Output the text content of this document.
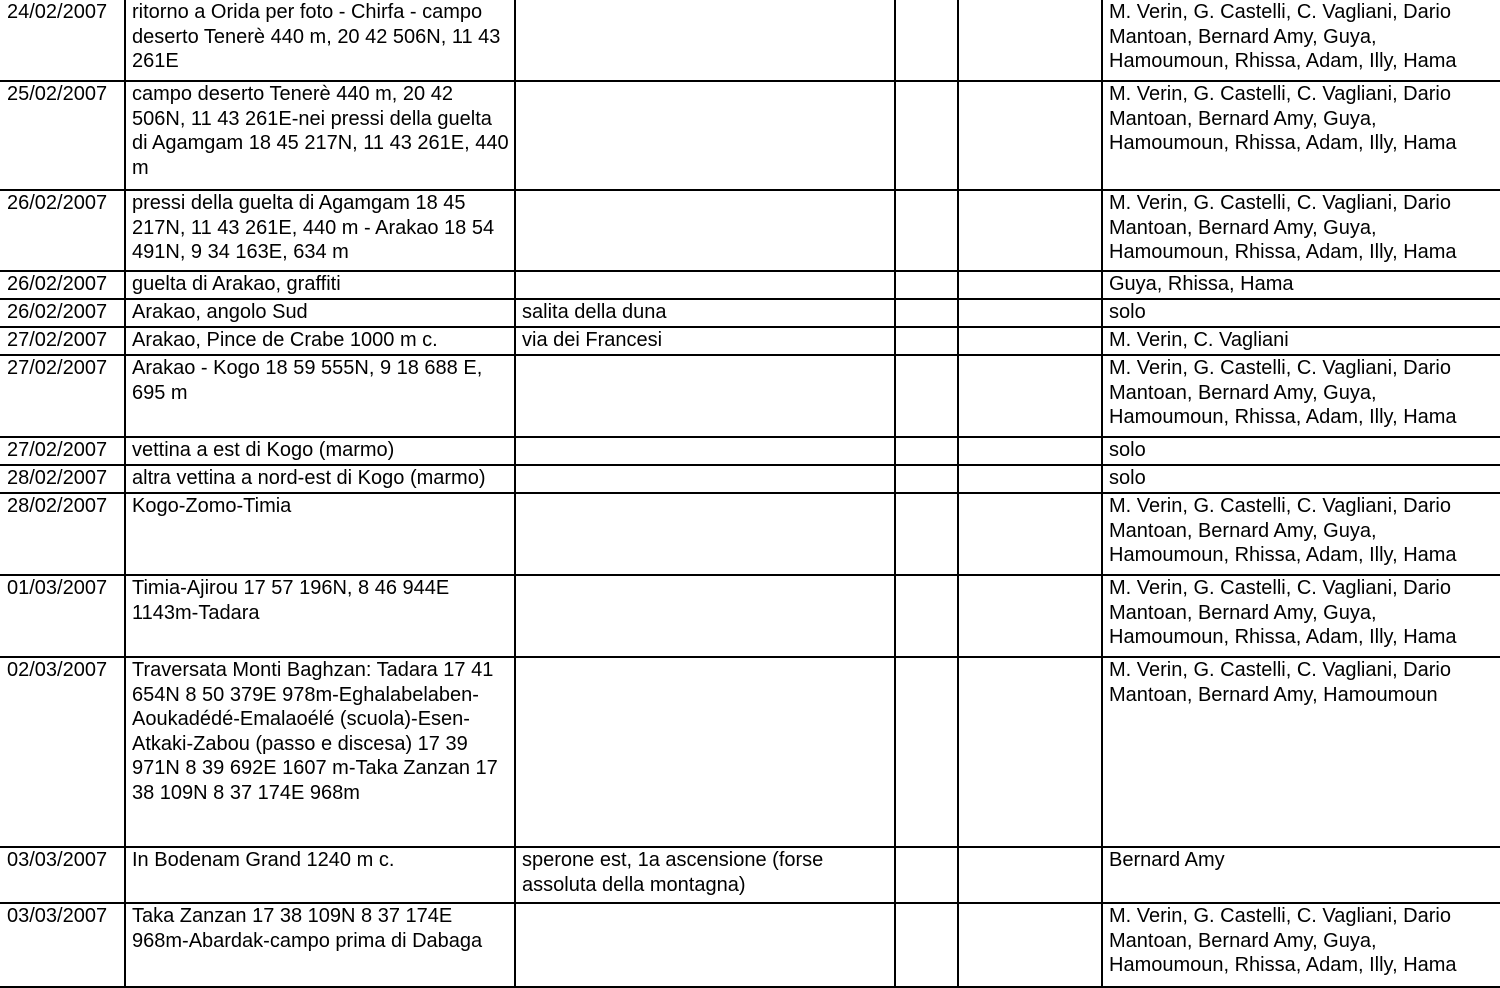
24/02/2007	ritorno a Orida per foto - Chirfa - campo deserto Tenerè 440 m, 20 42 506N, 11 43 261E				M. Verin, G. Castelli, C. Vagliani, Dario Mantoan, Bernard Amy, Guya, Hamoumoun, Rhissa, Adam, Illy, Hama
25/02/2007	campo deserto Tenerè 440 m, 20 42 506N, 11 43 261E-nei pressi della guelta di Agamgam 18 45 217N, 11 43 261E, 440 m				M. Verin, G. Castelli, C. Vagliani, Dario Mantoan, Bernard Amy, Guya, Hamoumoun, Rhissa, Adam, Illy, Hama
26/02/2007	pressi della guelta di Agamgam 18 45 217N, 11 43 261E, 440 m - Arakao 18 54 491N, 9 34 163E, 634 m				M. Verin, G. Castelli, C. Vagliani, Dario Mantoan, Bernard Amy, Guya, Hamoumoun, Rhissa, Adam, Illy, Hama
26/02/2007	guelta di Arakao, graffiti				Guya, Rhissa, Hama
26/02/2007	Arakao, angolo Sud	salita della duna			solo
27/02/2007	Arakao, Pince de Crabe 1000 m c.	via dei Francesi			M. Verin, C. Vagliani
27/02/2007	Arakao - Kogo 18 59 555N, 9 18 688 E, 695 m				M. Verin, G. Castelli, C. Vagliani, Dario Mantoan, Bernard Amy, Guya, Hamoumoun, Rhissa, Adam, Illy, Hama
27/02/2007	vettina a est di Kogo (marmo)				solo
28/02/2007	altra vettina a nord-est di Kogo (marmo)				solo
28/02/2007	Kogo-Zomo-Timia				M. Verin, G. Castelli, C. Vagliani, Dario Mantoan, Bernard Amy, Guya, Hamoumoun, Rhissa, Adam, Illy, Hama
01/03/2007	Timia-Ajirou 17 57 196N, 8 46 944E 1143m-Tadara				M. Verin, G. Castelli, C. Vagliani, Dario Mantoan, Bernard Amy, Guya, Hamoumoun, Rhissa, Adam, Illy, Hama
02/03/2007	Traversata Monti Baghzan: Tadara 17 41 654N 8 50 379E 978m-Eghalabelaben-Aoukadédé-Emalaoélé (scuola)-Esen-Atkaki-Zabou (passo e discesa) 17 39 971N 8 39 692E 1607 m-Taka Zanzan 17 38 109N 8 37 174E 968m				M. Verin, G. Castelli, C. Vagliani, Dario Mantoan, Bernard Amy, Hamoumoun
03/03/2007	In Bodenam Grand 1240 m c.	sperone est, 1a ascensione (forse assoluta della montagna)			Bernard Amy
03/03/2007	Taka Zanzan 17 38 109N 8 37 174E 968m-Abardak-campo prima di Dabaga				M. Verin, G. Castelli, C. Vagliani, Dario Mantoan, Bernard Amy, Guya, Hamoumoun, Rhissa, Adam, Illy, Hama
